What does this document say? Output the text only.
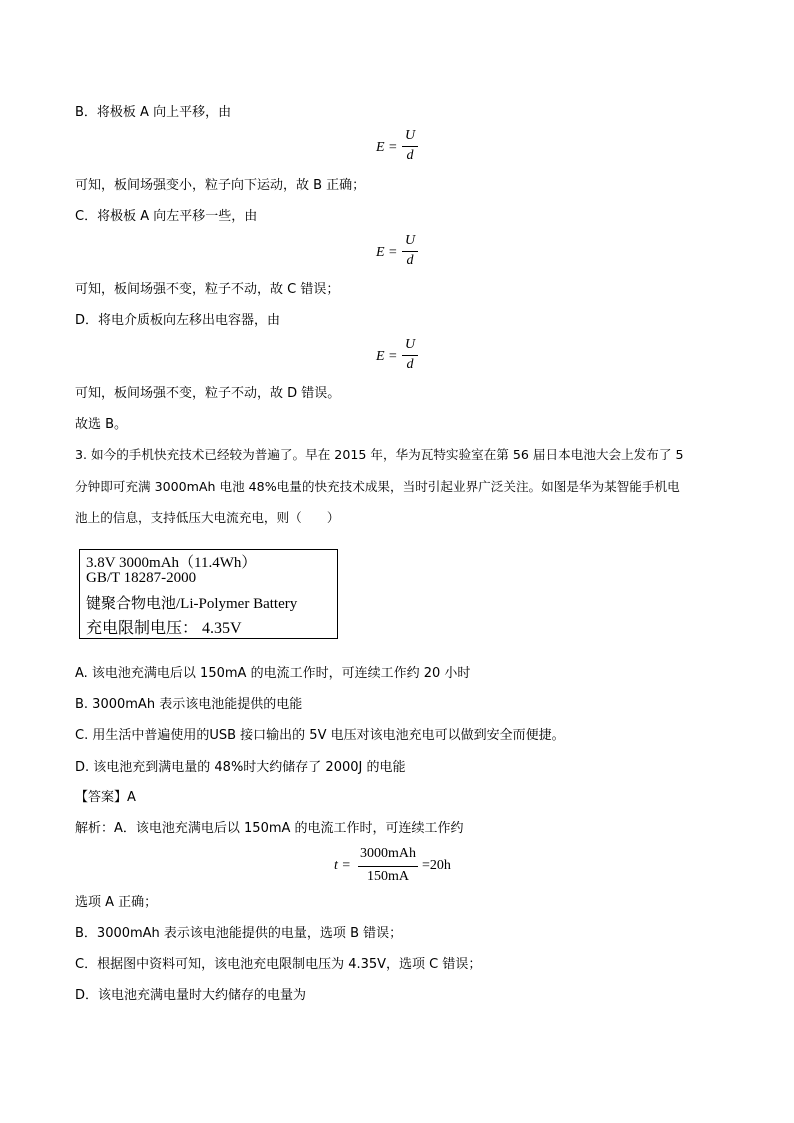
B．将极板 A 向上平移，由
E =
U
d
可知，板间场强变小，粒子向下运动，故 B 正确；
C．将极板 A 向左平移一些，由
E =
U
d
可知，板间场强不变，粒子不动，故 C 错误；
D．将电介质板向左移出电容器，由
E =
U
d
可知，板间场强不变，粒子不动，故 D 错误。
故选 B。
3. 如今的手机快充技术已经较为普遍了。早在 2015 年，华为瓦特实验室在第 56 届日本电池大会上发布了 5
分钟即可充满 3000mAh 电池 48%电量的快充技术成果，当时引起业界广泛关注。如图是华为某智能手机电
池上的信息，支持低压大电流充电，则（　　）
3.8V 3000mAh（11.4Wh）
GB/T 18287-2000
键聚合物电池/Li-Polymer Battery
充电限制电压： 4.35V
A. 该电池充满电后以 150mA 的电流工作时，可连续工作约 20 小时
B. 3000mAh 表示该电池能提供的电能
C. 用生活中普遍使用的USB 接口输出的 5V 电压对该电池充电可以做到安全而便捷。
D. 该电池充到满电量的 48%时大约储存了 2000J 的电能
【答案】A
解析：A．该电池充满电后以 150mA 的电流工作时，可连续工作约
t =
3000mAh
150mA
=20h
选项 A 正确；
B．3000mAh 表示该电池能提供的电量，选项 B 错误；
C．根据图中资料可知，该电池充电限制电压为 4.35V，选项 C 错误；
D．该电池充满电量时大约储存的电量为
